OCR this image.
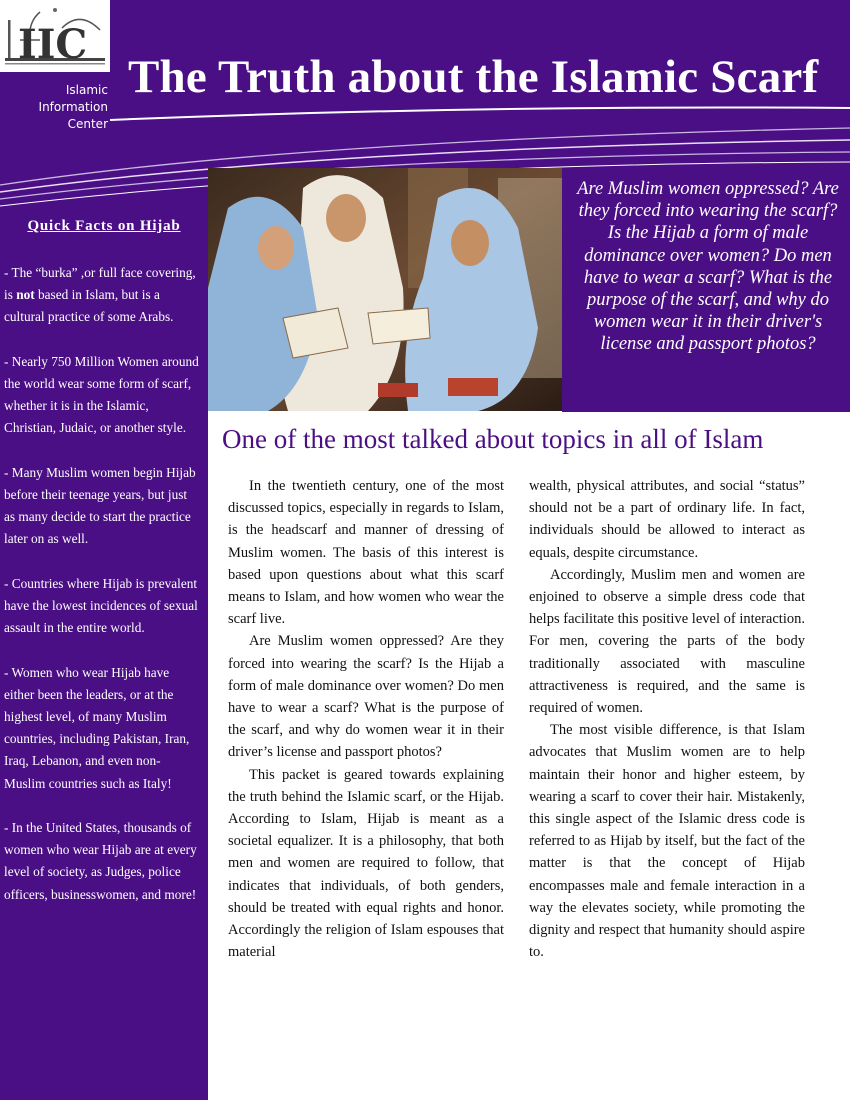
IIC
Islamic
Information
Center
The Truth about the Islamic Scarf

Are Muslim women oppressed? Are they forced into wearing the scarf? Is the Hijab a form of male dominance over women? Do men have to wear a scarf? What is the purpose of the scarf, and why do women wear it in their driver's license and passport photos?

Quick Facts on Hijab
- The “burka” ,or full face covering, is not based in Islam, but is a cultural practice of some Arabs.
- Nearly 750 Million Women around the world wear some form of scarf, whether it is in the Islamic, Christian, Judaic, or another style.
- Many Muslim women begin Hijab before their teenage years, but just as many decide to start the practice later on as well.
- Countries where Hijab is prevalent have the lowest incidences of sexual assault in the entire world.
- Women who wear Hijab have either been the leaders, or at the highest level, of many Muslim countries, including Pakistan, Iran, Iraq, Lebanon, and even non-Muslim countries such as Italy!
- In the United States, thousands of women who wear Hijab are at every level of society, as Judges, police officers, businesswomen, and more!
One of the most talked about topics in all of Islam

In the twentieth century, one of the most discussed topics, especially in regards to Islam, is the headscarf and manner of dressing of Muslim women. The basis of this interest is based upon questions about what this scarf means to Islam, and how women who wear the scarf live.

Are Muslim women oppressed? Are they forced into wearing the scarf? Is the Hijab a form of male dominance over women? Do men have to wear a scarf? What is the purpose of the scarf, and why do women wear it in their driver’s license and passport photos?

This packet is geared towards explaining the truth behind the Islamic scarf, or the Hijab. According to Islam, Hijab is meant as a societal equalizer. It is a philosophy, that both men and women are required to follow, that indicates that individuals, of both genders, should be treated with equal rights and honor. Accordingly the religion of Islam espouses that material

wealth, physical attributes, and social “status” should not be a part of ordinary life. In fact, individuals should be allowed to interact as equals, despite circumstance.

Accordingly, Muslim men and women are enjoined to observe a simple dress code that helps facilitate this positive level of interaction. For men, covering the parts of the body traditionally associated with masculine attractiveness is required, and the same is required of women.

The most visible difference, is that Islam advocates that Muslim women are to help maintain their honor and higher esteem, by wearing a scarf to cover their hair. Mistakenly, this single aspect of the Islamic dress code is referred to as Hijab by itself, but the fact of the matter is that the concept of Hijab encompasses male and female interaction in a way the elevates society, while promoting the dignity and respect that humanity should aspire to.
